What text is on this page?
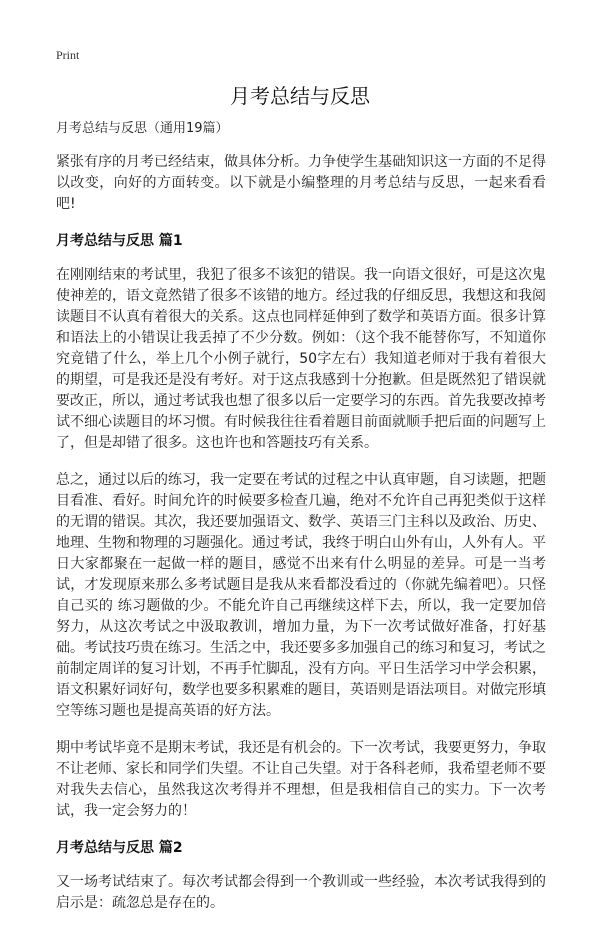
Print
月考总结与反思
月考总结与反思（通用19篇）

紧张有序的月考已经结束，做具体分析。力争使学生基础知识这一方面的不足得以改变，向好的方面转变。以下就是小编整理的月考总结与反思，一起来看看吧!

月考总结与反思 篇1

在刚刚结束的考试里，我犯了很多不该犯的错误。我一向语文很好，可是这次鬼使神差的，语文竟然错了很多不该错的地方。经过我的仔细反思，我想这和我阅读题目不认真有着很大的关系。这点也同样延伸到了数学和英语方面。很多计算和语法上的小错误让我丢掉了不少分数。例如：（这个我不能替你写，不知道你究竟错了什么，举上几个小例子就行，50字左右）我知道老师对于我有着很大的期望，可是我还是没有考好。对于这点我感到十分抱歉。但是既然犯了错误就要改正，所以，通过考试我也想了很多以后一定要学习的东西。首先我要改掉考试不细心读题目的坏习惯。有时候我往往看着题目前面就顺手把后面的问题写上了，但是却错了很多。这也许也和答题技巧有关系。

总之，通过以后的练习，我一定要在考试的过程之中认真审题，自习读题，把题目看准、看好。时间允许的时候要多检查几遍，绝对不允许自己再犯类似于这样的无谓的错误。其次，我还要加强语文、数学、英语三门主科以及政治、历史、地理、生物和物理的习题强化。通过考试，我终于明白山外有山，人外有人。平日大家都聚在一起做一样的题目，感觉不出来有什么明显的差异。可是一当考试，才发现原来那么多考试题目是我从来看都没看过的（你就先编着吧）。只怪自己买的 练习题做的少。不能允许自己再继续这样下去，所以，我一定要加倍努力，从这次考试之中汲取教训，增加力量，为下一次考试做好准备，打好基础。考试技巧贵在练习。生活之中，我还要多多加强自己的练习和复习，考试之前制定周详的复习计划，不再手忙脚乱，没有方向。平日生活学习中学会积累，语文积累好词好句，数学也要多积累难的题目，英语则是语法项目。对做完形填空等练习题也是提高英语的好方法。

期中考试毕竟不是期末考试，我还是有机会的。下一次考试，我要更努力，争取不让老师、家长和同学们失望。不让自己失望。对于各科老师，我希望老师不要对我失去信心，虽然我这次考得并不理想，但是我相信自己的实力。下一次考试，我一定会努力的！

月考总结与反思 篇2

又一场考试结束了。每次考试都会得到一个教训或一些经验，本次考试我得到的启示是：疏忽总是存在的。
